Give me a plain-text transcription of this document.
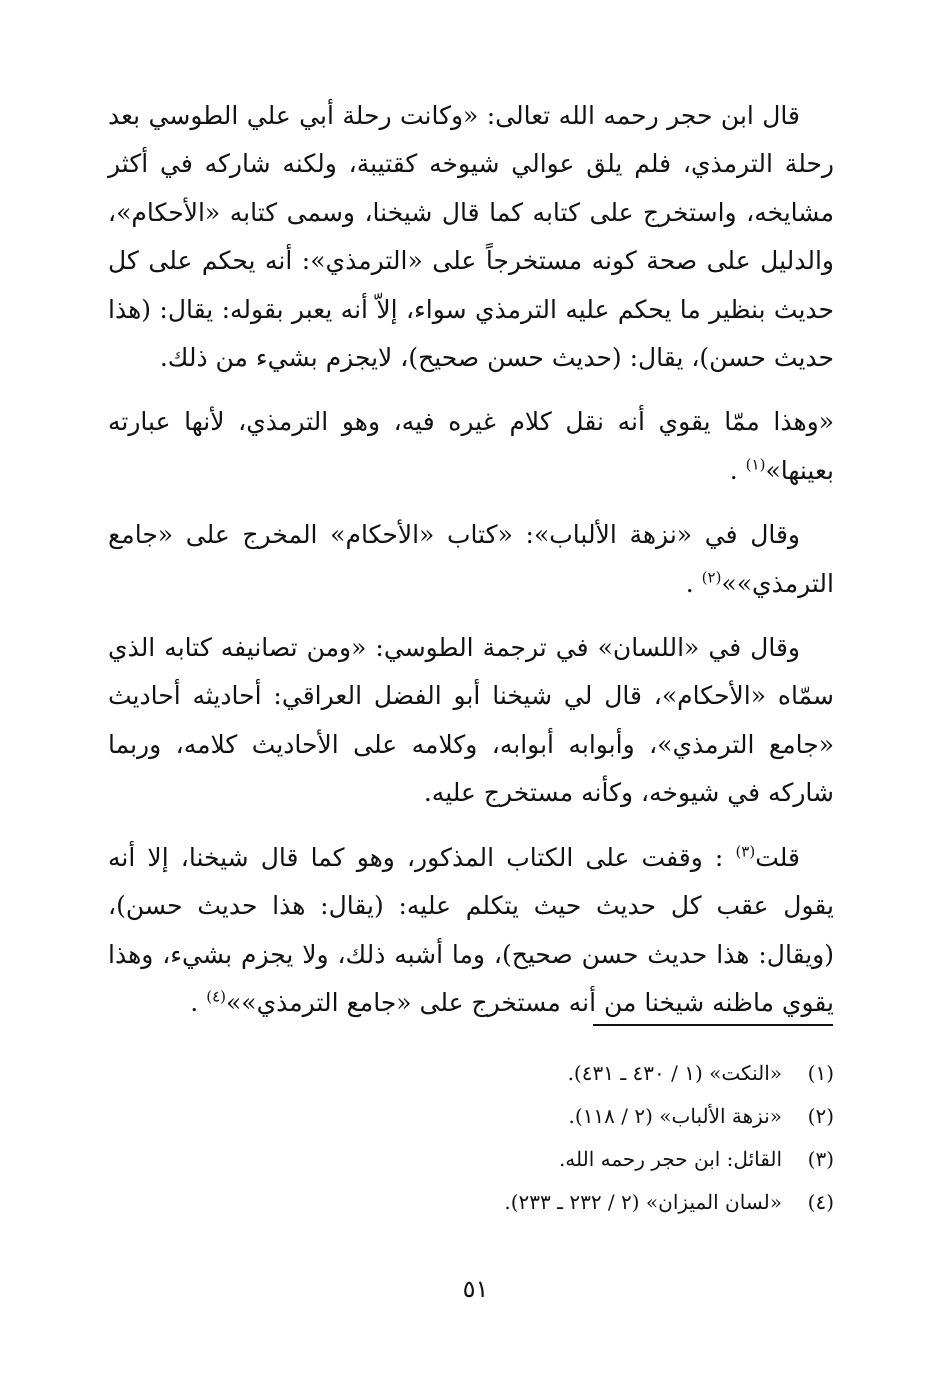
قال ابن حجر رحمه الله تعالى: «وكانت رحلة أبي علي الطوسي بعد رحلة الترمذي، فلم يلق عوالي شيوخه كقتيبة، ولكنه شاركه في أكثر مشايخه، واستخرج على كتابه كما قال شيخنا، وسمى كتابه «الأحكام»، والدليل على صحة كونه مستخرجاً على «الترمذي»: أنه يحكم على كل حديث بنظير ما يحكم عليه الترمذي سواء، إلاّ أنه يعبر بقوله: يقال: (هذا حديث حسن)، يقال: (حديث حسن صحيح)، لايجزم بشيء من ذلك.

«وهذا ممّا يقوي أنه نقل كلام غيره فيه، وهو الترمذي، لأنها عبارته بعينها»$^{(١)}$ .

وقال في «نزهة الألباب»: «كتاب «الأحكام» المخرج على «جامع الترمذي»»$^{(٢)}$ .

وقال في «اللسان» في ترجمة الطوسي: «ومن تصانيفه كتابه الذي سمّاه «الأحكام»، قال لي شيخنا أبو الفضل العراقي: أحاديثه أحاديث «جامع الترمذي»، وأبوابه أبوابه، وكلامه على الأحاديث كلامه، وربما شاركه في شيوخه، وكأنه مستخرج عليه.

قلت$^{(٣)}$ : وقفت على الكتاب المذكور، وهو كما قال شيخنا، إلا أنه يقول عقب كل حديث حيث يتكلم عليه: (يقال: هذا حديث حسن)، (ويقال: هذا حديث حسن صحيح)، وما أشبه ذلك، ولا يجزم بشيء، وهذا يقوي ماظنه شيخنا من أنه مستخرج على «جامع الترمذي»»$^{(٤)}$ .

(١)«النكت» (١ / ٤٣٠ ـ ٤٣١).
(٢)«نزهة الألباب» (٢ / ١١٨).
(٣)القائل: ابن حجر رحمه الله.
(٤)«لسان الميزان» (٢ / ٢٣٢ ـ ٢٣٣).
٥١
